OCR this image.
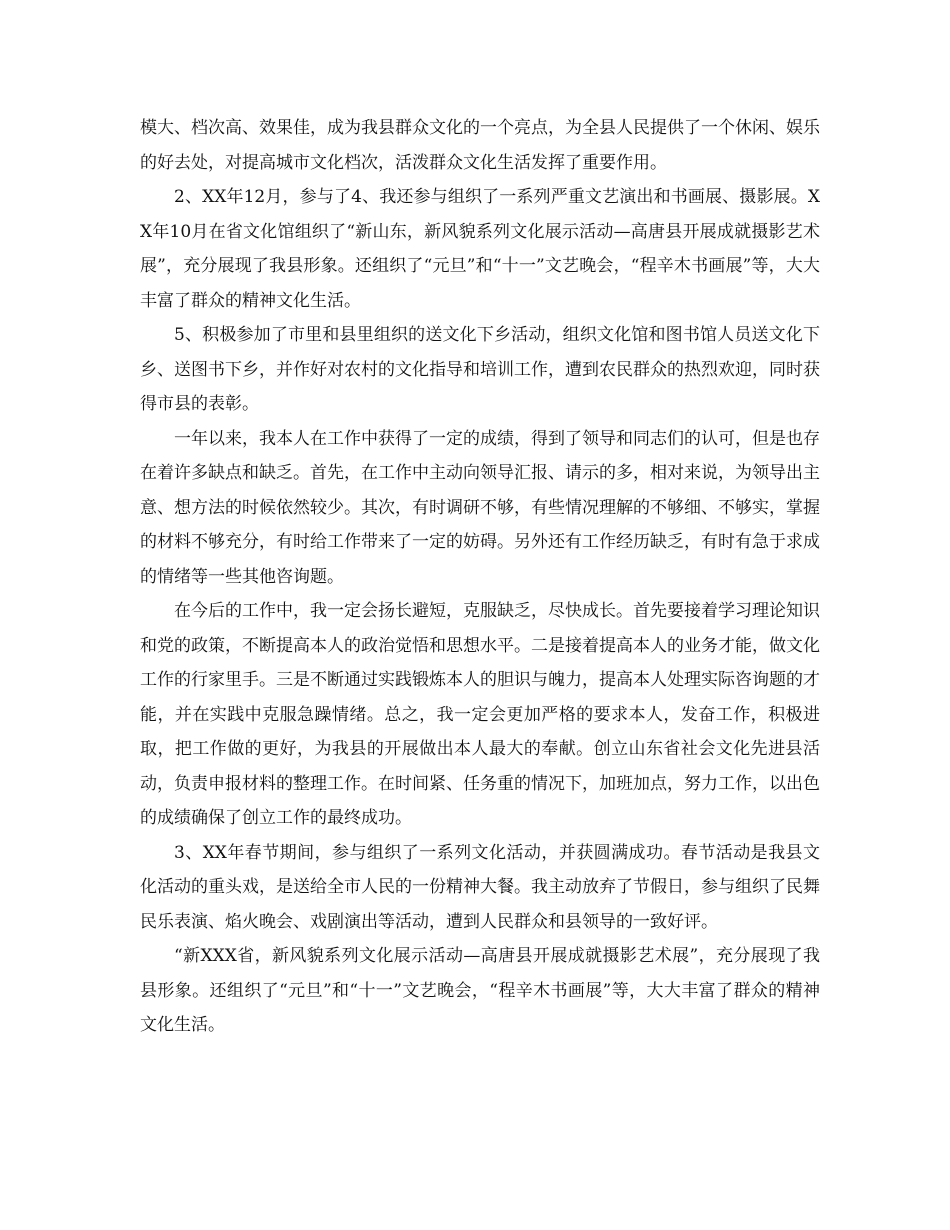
模大、档次高、效果佳，成为我县群众文化的一个亮点，为全县人民提供了一个休闲、娱乐的好去处，对提高城市文化档次，活泼群众文化生活发挥了重要作用。

2、XX年12月，参与了4、我还参与组织了一系列严重文艺演出和书画展、摄影展。XX年10月在省文化馆组织了“新山东，新风貌系列文化展示活动—高唐县开展成就摄影艺术展”，充分展现了我县形象。还组织了“元旦”和“十一”文艺晚会，“程辛木书画展”等，大大丰富了群众的精神文化生活。

5、积极参加了市里和县里组织的送文化下乡活动，组织文化馆和图书馆人员送文化下乡、送图书下乡，并作好对农村的文化指导和培训工作，遭到农民群众的热烈欢迎，同时获得市县的表彰。

一年以来，我本人在工作中获得了一定的成绩，得到了领导和同志们的认可，但是也存在着许多缺点和缺乏。首先，在工作中主动向领导汇报、请示的多，相对来说，为领导出主意、想方法的时候依然较少。其次，有时调研不够，有些情况理解的不够细、不够实，掌握的材料不够充分，有时给工作带来了一定的妨碍。另外还有工作经历缺乏，有时有急于求成的情绪等一些其他咨询题。

在今后的工作中，我一定会扬长避短，克服缺乏，尽快成长。首先要接着学习理论知识和党的政策，不断提高本人的政治觉悟和思想水平。二是接着提高本人的业务才能，做文化工作的行家里手。三是不断通过实践锻炼本人的胆识与魄力，提高本人处理实际咨询题的才能，并在实践中克服急躁情绪。总之，我一定会更加严格的要求本人，发奋工作，积极进取，把工作做的更好，为我县的开展做出本人最大的奉献。创立山东省社会文化先进县活动，负责申报材料的整理工作。在时间紧、任务重的情况下，加班加点，努力工作，以出色的成绩确保了创立工作的最终成功。

3、XX年春节期间，参与组织了一系列文化活动，并获圆满成功。春节活动是我县文化活动的重头戏，是送给全市人民的一份精神大餐。我主动放弃了节假日，参与组织了民舞民乐表演、焰火晚会、戏剧演出等活动，遭到人民群众和县领导的一致好评。

“新XXX省，新风貌系列文化展示活动—高唐县开展成就摄影艺术展”，充分展现了我县形象。还组织了“元旦”和“十一”文艺晚会，“程辛木书画展”等，大大丰富了群众的精神文化生活。
